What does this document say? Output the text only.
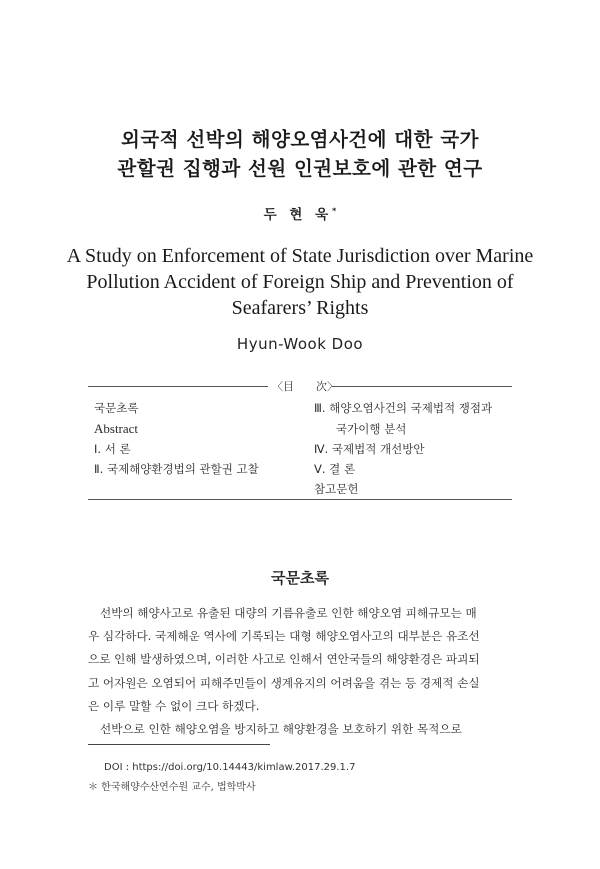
외국적 선박의 해양오염사건에 대한 국가
관할권 집행과 선원 인권보호에 관한 연구
두 현 욱*
A Study on Enforcement of State Jurisdiction over Marine
Pollution Accident of Foreign Ship and Prevention of
Seafarers’ Rights
Hyun-Wook Doo
〈目　　次〉
국문초록
Abstract
Ⅰ. 서 론
Ⅱ. 국제해양환경법의 관할권 고찰
Ⅲ. 해양오염사건의 국제법적 쟁점과
국가이행 분석
Ⅳ. 국제법적 개선방안
Ⅴ. 결 론
참고문헌
국문초록
선박의 해양사고로 유출된 대량의 기름유출로 인한 해양오염 피해규모는 매
우 심각하다. 국제해운 역사에 기록되는 대형 해양오염사고의 대부분은 유조선
으로 인해 발생하였으며, 이러한 사고로 인해서 연안국들의 해양환경은 파괴되
고 어자원은 오염되어 피해주민들이 생계유지의 어려움을 겪는 등 경제적 손실
은 이루 말할 수 없이 크다 하겠다.
선박으로 인한 해양오염을 방지하고 해양환경을 보호하기 위한 목적으로
DOI : https://doi.org/10.14443/kimlaw.2017.29.1.7
＊ 한국해양수산연수원 교수, 법학박사
